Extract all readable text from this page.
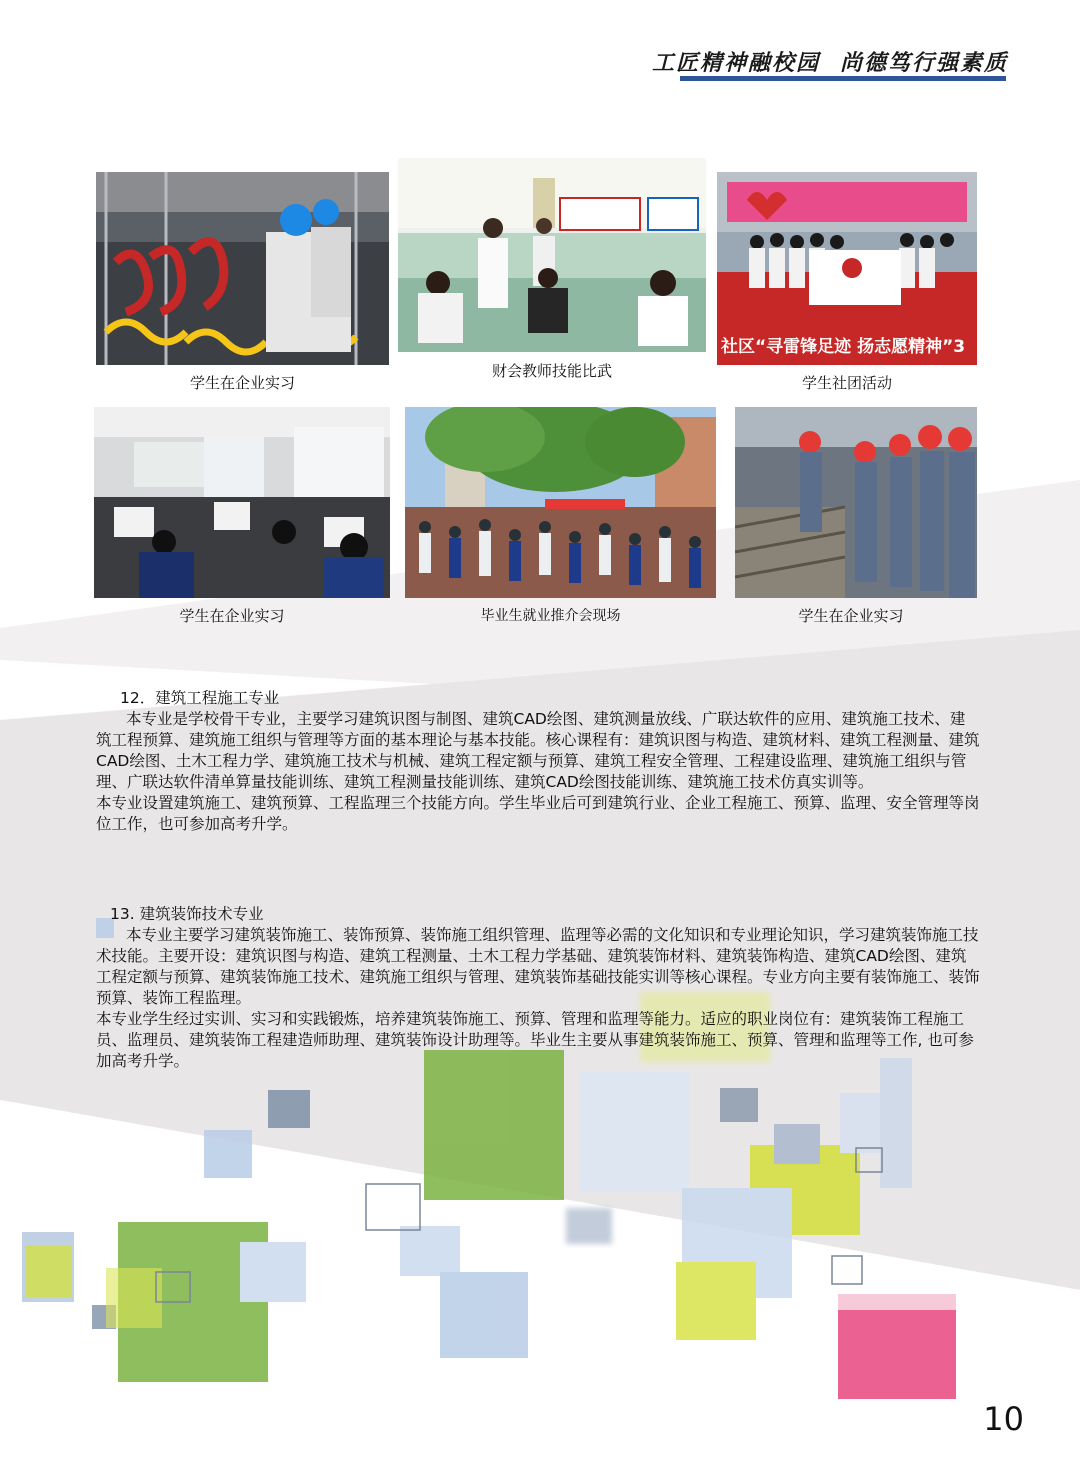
工匠精神融校园 尚德笃行强素质
学生在企业实习
财会教师技能比武
社区“寻雷锋足迹 扬志愿精神”3
学生社团活动
学生在企业实习	毕业生就业推介会现场	学生在企业实习

12．建筑工程施工专业

本专业是学校骨干专业，主要学习建筑识图与制图、建筑CAD绘图、建筑测量放线、广联达软件的应用、建筑施工技术、建筑工程预算、建筑施工组织与管理等方面的基本理论与基本技能。核心课程有：建筑识图与构造、建筑材料、建筑工程测量、建筑CAD绘图、土木工程力学、建筑施工技术与机械、建筑工程定额与预算、建筑工程安全管理、工程建设监理、建筑施工组织与管理、广联达软件清单算量技能训练、建筑工程测量技能训练、建筑CAD绘图技能训练、建筑施工技术仿真实训等。

本专业设置建筑施工、建筑预算、工程监理三个技能方向。学生毕业后可到建筑行业、企业工程施工、预算、监理、安全管理等岗位工作，也可参加高考升学。

13. 建筑装饰技术专业

本专业主要学习建筑装饰施工、装饰预算、装饰施工组织管理、监理等必需的文化知识和专业理论知识，学习建筑装饰施工技术技能。主要开设：建筑识图与构造、建筑工程测量、土木工程力学基础、建筑装饰材料、建筑装饰构造、建筑CAD绘图、建筑工程定额与预算、建筑装饰施工技术、建筑施工组织与管理、建筑装饰基础技能实训等核心课程。专业方向主要有装饰施工、装饰预算、装饰工程监理。

本专业学生经过实训、实习和实践锻炼，培养建筑装饰施工、预算、管理和监理等能力。适应的职业岗位有：建筑装饰工程施工员、监理员、建筑装饰工程建造师助理、建筑装饰设计助理等。毕业生主要从事建筑装饰施工、预算、管理和监理等工作, 也可参加高考升学。

10
